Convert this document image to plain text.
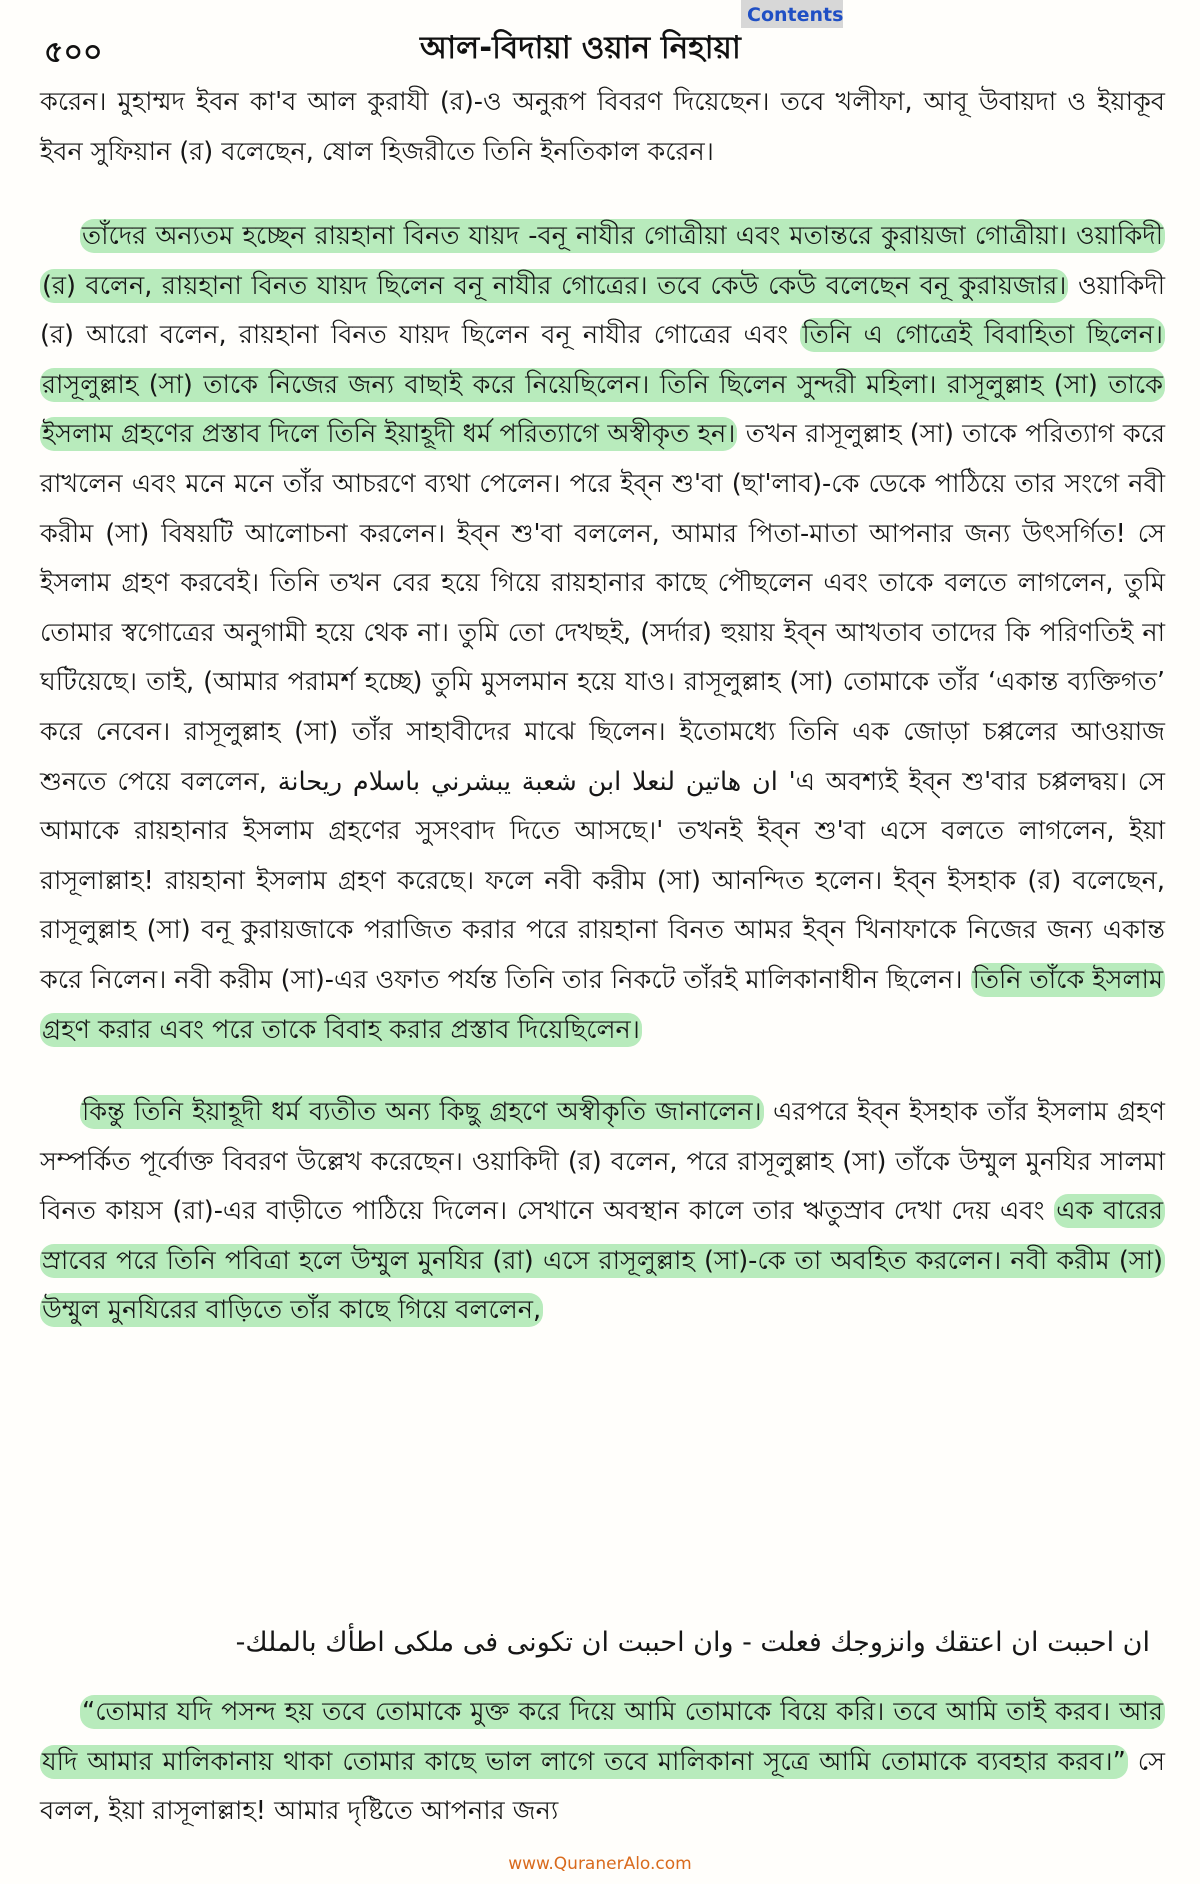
Contents
৫০০	আল-বিদায়া ওয়ান নিহায়া
করেন। মুহাম্মদ ইবন কা'ব আল কুরাযী (র)-ও অনুরূপ বিবরণ দিয়েছেন। তবে খলীফা, আবূ উবায়দা ও ইয়াকূব ইবন সুফিয়ান (র) বলেছেন, ষোল হিজরীতে তিনি ইনতিকাল করেন।
তাঁদের অন্যতম হচ্ছেন রায়হানা বিনত যায়দ -বনূ নাযীর গোত্রীয়া এবং মতান্তরে কুরায়জা গোত্রীয়া। ওয়াকিদী (র) বলেন, রায়হানা বিনত যায়দ ছিলেন বনূ নাযীর গোত্রের। তবে কেউ কেউ বলেছেন বনূ কুরায়জার। ওয়াকিদী (র) আরো বলেন, রায়হানা বিনত যায়দ ছিলেন বনূ নাযীর গোত্রের এবং তিনি এ গোত্রেই বিবাহিতা ছিলেন। রাসূলুল্লাহ (সা) তাকে নিজের জন্য বাছাই করে নিয়েছিলেন। তিনি ছিলেন সুন্দরী মহিলা। রাসূলুল্লাহ (সা) তাকে ইসলাম গ্রহণের প্রস্তাব দিলে তিনি ইয়াহূদী ধর্ম পরিত্যাগে অস্বীকৃত হন। তখন রাসূলুল্লাহ (সা) তাকে পরিত্যাগ করে রাখলেন এবং মনে মনে তাঁর আচরণে ব্যথা পেলেন। পরে ইব্‌ন শু'বা (ছা'লাব)-কে ডেকে পাঠিয়ে তার সংগে নবী করীম (সা) বিষয়টি আলোচনা করলেন। ইব্‌ন শু'বা বললেন, আমার পিতা-মাতা আপনার জন্য উৎসর্গিত! সে ইসলাম গ্রহণ করবেই। তিনি তখন বের হয়ে গিয়ে রায়হানার কাছে পৌছলেন এবং তাকে বলতে লাগলেন, তুমি তোমার স্বগোত্রের অনুগামী হয়ে থেক না। তুমি তো দেখছই, (সর্দার) হুয়ায় ইব্‌ন আখতাব তাদের কি পরিণতিই না ঘটিয়েছে। তাই, (আমার পরামর্শ হচ্ছে) তুমি মুসলমান হয়ে যাও। রাসূলুল্লাহ (সা) তোমাকে তাঁর ‘একান্ত ব্যক্তিগত’ করে নেবেন। রাসূলুল্লাহ (সা) তাঁর সাহাবীদের মাঝে ছিলেন। ইতোমধ্যে তিনি এক জোড়া চপ্পলের আওয়াজ শুনতে পেয়ে বললেন, ان هاتين لنعلا ابن شعبة يبشرني باسلام ريحانة 'এ অবশ্যই ইব্‌ন শু'বার চপ্পলদ্বয়। সে আমাকে রায়হানার ইসলাম গ্রহণের সুসংবাদ দিতে আসছে।' তখনই ইব্‌ন শু'বা এসে বলতে লাগলেন, ইয়া রাসূলাল্লাহ! রায়হানা ইসলাম গ্রহণ করেছে। ফলে নবী করীম (সা) আনন্দিত হলেন। ইব্‌ন ইসহাক (র) বলেছেন, রাসূলুল্লাহ (সা) বনূ কুরায়জাকে পরাজিত করার পরে রায়হানা বিনত আমর ইব্‌ন খিনাফাকে নিজের জন্য একান্ত করে নিলেন। নবী করীম (সা)-এর ওফাত পর্যন্ত তিনি তার নিকটে তাঁরই মালিকানাধীন ছিলেন। তিনি তাঁকে ইসলাম গ্রহণ করার এবং পরে তাকে বিবাহ করার প্রস্তাব দিয়েছিলেন।
কিন্তু তিনি ইয়াহূদী ধর্ম ব্যতীত অন্য কিছু গ্রহণে অস্বীকৃতি জানালেন। এরপরে ইব্‌ন ইসহাক তাঁর ইসলাম গ্রহণ সম্পর্কিত পূর্বোক্ত বিবরণ উল্লেখ করেছেন। ওয়াকিদী (র) বলেন, পরে রাসূলুল্লাহ (সা) তাঁকে উম্মুল মুনযির সালমা বিনত কায়স (রা)-এর বাড়ীতে পাঠিয়ে দিলেন। সেখানে অবস্থান কালে তার ঋতুস্রাব দেখা দেয় এবং এক বারের স্রাবের পরে তিনি পবিত্রা হলে উম্মুল মুনযির (রা) এসে রাসূলুল্লাহ (সা)-কে তা অবহিত করলেন। নবী করীম (সা) উম্মুল মুনযিরের বাড়িতে তাঁর কাছে গিয়ে বললেন,
ان احببت ان اعتقك وانزوجك فعلت - وان احببت ان تكونى فى ملكى اطأك بالملك-
“তোমার যদি পসন্দ হয় তবে তোমাকে মুক্ত করে দিয়ে আমি তোমাকে বিয়ে করি। তবে আমি তাই করব। আর যদি আমার মালিকানায় থাকা তোমার কাছে ভাল লাগে তবে মালিকানা সূত্রে আমি তোমাকে ব্যবহার করব।” সে বলল, ইয়া রাসূলাল্লাহ! আমার দৃষ্টিতে আপনার জন্য
www.QuranerAlo.com
